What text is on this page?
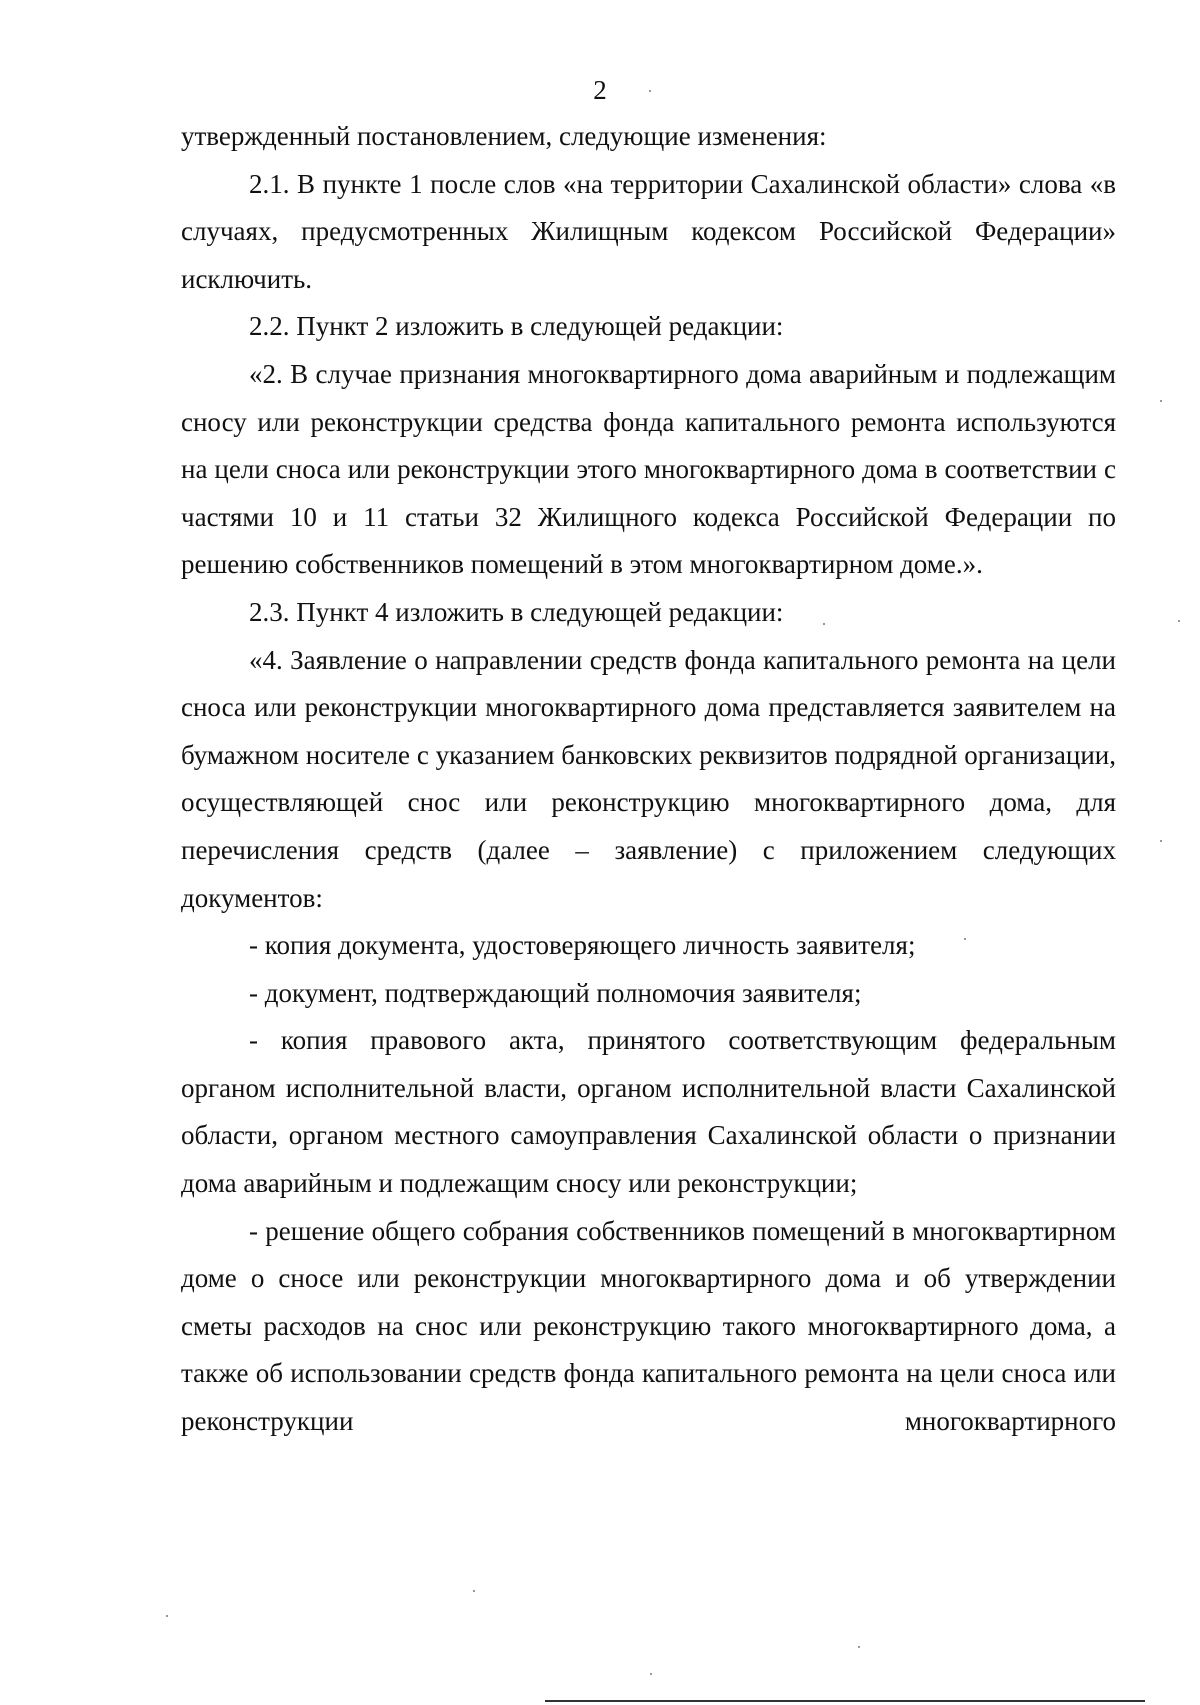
2

утвержденный постановлением, следующие изменения:

2.1. В пункте 1 после слов «на территории Сахалинской области» слова «в случаях, предусмотренных Жилищным кодексом Российской Федерации» исключить.

2.2. Пункт 2 изложить в следующей редакции:

«2. В случае признания многоквартирного дома аварийным и подлежащим сносу или реконструкции средства фонда капитального ремонта используются на цели сноса или реконструкции этого многоквартирного дома в соответствии с частями 10 и 11 статьи 32 Жилищного кодекса Российской Федерации по решению собственников помещений в этом многоквартирном доме.».

2.3. Пункт 4 изложить в следующей редакции:

«4. Заявление о направлении средств фонда капитального ремонта на цели сноса или реконструкции многоквартирного дома представляется заявителем на бумажном носителе с указанием банковских реквизитов подрядной организации, осуществляющей снос или реконструкцию многоквартирного дома, для перечисления средств (далее – заявление) с приложением следующих документов:

- копия документа, удостоверяющего личность заявителя;

- документ, подтверждающий полномочия заявителя;

- копия правового акта, принятого соответствующим федеральным органом исполнительной власти, органом исполнительной власти Сахалинской области, органом местного самоуправления Сахалинской области о признании дома аварийным и подлежащим сносу или реконструкции;

- решение общего собрания собственников помещений в многоквартирном доме о сносе или реконструкции многоквартирного дома и об утверждении сметы расходов на снос или реконструкцию такого многоквартирного дома, а также об использовании средств фонда капитального ремонта на цели сноса или реконструкции многоквартирного
